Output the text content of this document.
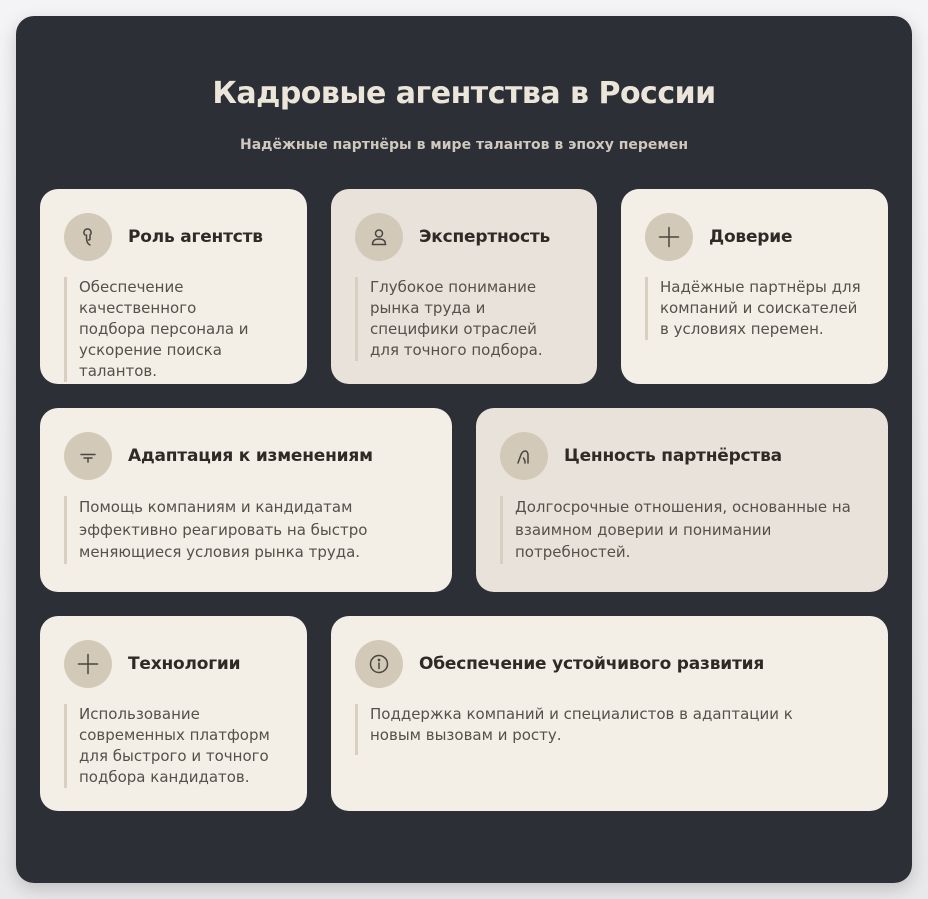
Кадровые агентства в России
Надёжные партнёры в мире талантов в эпоху перемен
Роль агентств
Обеспечение качественного подбора персонала и ускорение поиска талантов.
Экспертность
Глубокое понимание рынка труда и специфики отраслей для точного подбора.
Доверие
Надёжные партнёры для компаний и соискателей в условиях перемен.
Адаптация к изменениям
Помощь компаниям и кандидатам эффективно реагировать на быстро меняющиеся условия рынка труда.
Ценность партнёрства
Долгосрочные отношения, основанные на взаимном доверии и понимании потребностей.
Технологии
Использование современных платформ для быстрого и точного подбора кандидатов.
Обеспечение устойчивого развития
Поддержка компаний и специалистов в адаптации к новым вызовам и росту.
